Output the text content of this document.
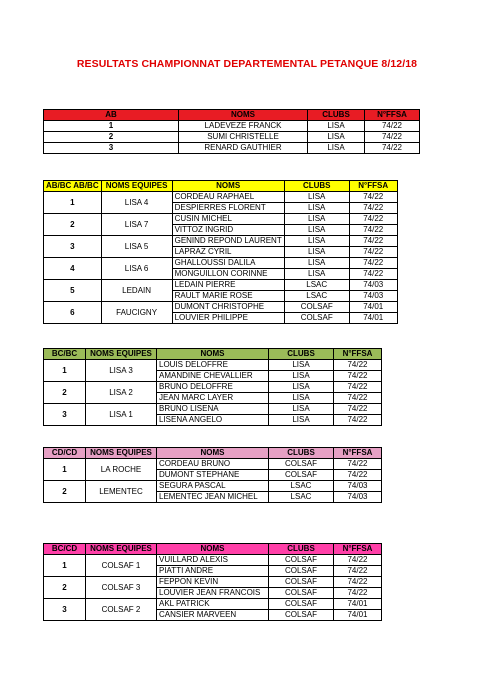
RESULTATS CHAMPIONNAT DEPARTEMENTAL PETANQUE 8/12/18
AB	NOMS	CLUBS	N°FFSA
1	LADEVEZE FRANCK	LISA	74/22
2	SUMI CHRISTELLE	LISA	74/22
3	RENARD GAUTHIER	LISA	74/22
AB/BC AB/BC	NOMS EQUIPES	NOMS	CLUBS	N°FFSA
1	LISA 4	CORDEAU RAPHAEL	LISA	74/22
		DESPIERRES FLORENT	LISA	74/22
2	LISA 7	CUSIN MICHEL	LISA	74/22
		VITTOZ INGRID	LISA	74/22
3	LISA 5	GENIND REPOND LAURENT	LISA	74/22
		LAPRAZ CYRIL	LISA	74/22
4	LISA 6	GHALLOUSSI DALILA	LISA	74/22
		MONGUILLON CORINNE	LISA	74/22
5	LEDAIN	LEDAIN PIERRE	LSAC	74/03
		RAULT MARIE ROSE	LSAC	74/03
6	FAUCIGNY	DUMONT CHRISTOPHE	COLSAF	74/01
		LOUVIER PHILIPPE	COLSAF	74/01
BC/BC	NOMS EQUIPES	NOMS	CLUBS	N°FFSA
1	LISA 3	LOUIS DELOFFRE	LISA	74/22
		AMANDINE CHEVALLIER	LISA	74/22
2	LISA 2	BRUNO DELOFFRE	LISA	74/22
		JEAN MARC LAYER	LISA	74/22
3	LISA 1	BRUNO LISENA	LISA	74/22
		LISENA ANGELO	LISA	74/22
CD/CD	NOMS EQUIPES	NOMS	CLUBS	N°FFSA
1	LA ROCHE	CORDEAU BRUNO	COLSAF	74/22
		DUMONT STEPHANE	COLSAF	74/22
2	LEMENTEC	SEGURA PASCAL	LSAC	74/03
		LEMENTEC JEAN MICHEL	LSAC	74/03
BC/CD	NOMS EQUIPES	NOMS	CLUBS	N°FFSA
1	COLSAF 1	VUILLARD ALEXIS	COLSAF	74/22
		PIATTI ANDRE	COLSAF	74/22
2	COLSAF 3	FEPPON KEVIN	COLSAF	74/22
		LOUVIER JEAN FRANCOIS	COLSAF	74/22
3	COLSAF 2	AKL PATRICK	COLSAF	74/01
		CANSIER MARVEEN	COLSAF	74/01
